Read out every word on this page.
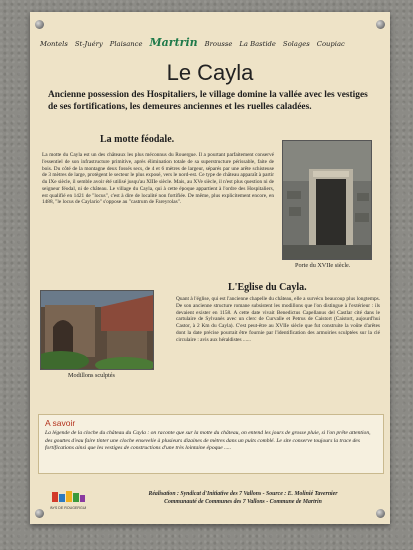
Montels St-Juéry Plaisance Martrin Brousse La Bastide Solages Coupiac
Le Cayla
Ancienne possession des Hospitaliers, le village domine la vallée avec les vestiges de ses fortifications, les demeures anciennes et les ruelles caladées.
La motte féodale.
La motte du Cayla est un des châteaux les plus méconnus du Rouergue. Il a pourtant parfaitement conservé l'essentiel de son infrastructure primitive, après élimination totale de sa superstructure périssable, faite de bois. Du côté de la montagne deux fossés secs, de 4 et 6 mètres de largeur, séparés par une arête schisteuse de 3 mètres de large, protègent le secteur le plus exposé, vers le nord-est. Ce type de château apparaît à partir du IXe siècle, il semble avoir été utilisé jusqu'au XIIIe siècle. Mais, au XVe siècle, il n'est plus question ni de seigneur féodal, ni de château. Le village du Cayla, qui à cette époque appartient à l'ordre des Hospitaliers, est qualifié en 1421 de "locus", c'est à dire de localité non fortifiée. De même, plus explicitement encore, en 1488, "le locus de Caylario" s'oppose au "castrum de Fareyrolas".
Porte du XVIIe siècle.
L'Eglise du Cayla.
Quant à l'église, qui est l'ancienne chapelle du château, elle a survécu beaucoup plus longtemps. De son ancienne structure romane subsistent les modillons que l'on distingue à l'extérieur : ils devaient exister en 1158. A cette date vivait Benedictus Capellanus del Castlar cité dans le cartulaire de Sylvanès avec un clerc de Curvalle et Petrus de Caistort (Caistort, aujourd'hui Castor, à 2 Km du Cayla). C'est peut-être au XVIIe siècle que fut construite la voûte d'arêtes dont la date précise pourrait être fournie par l'identification des armoiries sculptées sur la clé circulaire : avis aux héraldistes ......
Modillons sculptés
A savoir
La légende de la cloche du château du Cayla : on raconte que sur la motte du château, on entend les jours de grosse pluie, si l'on prête attention, des gouttes d'eau faire tinter une cloche ensevelie à plusieurs dizaines de mètres dans un puits comblé. Le site conserve toujours la trace des fortifications ainsi que les vestiges de constructions d'une très lointaine époque .....
PAYS DE ROUGERGUE
Réalisation : Syndicat d'Initiative des 7 Vallons - Source : E. Molinié Tavernier
Communauté de Communes des 7 Vallons - Commune de Martrin
